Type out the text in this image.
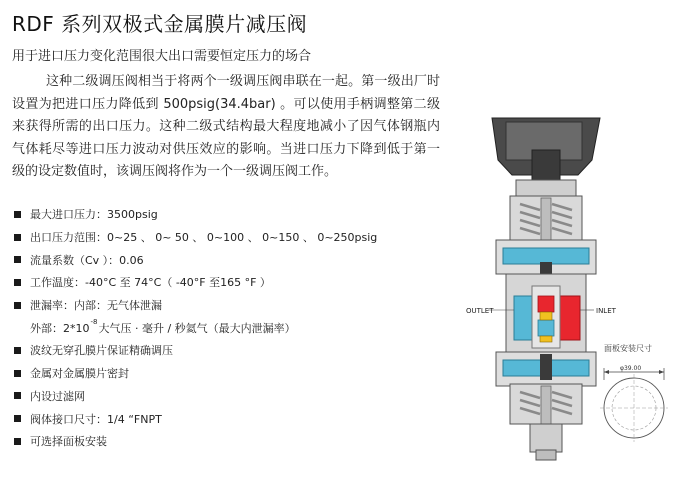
RDF 系列双极式金属膜片减压阀
用于进口压力变化范围很大出口需要恒定压力的场合
这种二级调压阀相当于将两个一级调压阀串联在一起。第一级出厂时设置为把进口压力降低到 500psig(34.4bar) 。可以使用手柄调整第二级来获得所需的出口压力。这种二级式结构最大程度地减小了因气体钢瓶内气体耗尽等进口压力波动对供压效应的影响。当进口压力下降到低于第一级的设定数值时，该调压阀将作为一个一级调压阀工作。
最大进口压力：3500psig
出口压力范围：0~25 、 0~ 50 、 0~100 、 0~150 、 0~250psig
流量系数（Cv ）：0.06
工作温度：-40°C 至 74°C（ -40°F 至165 °F ）
泄漏率：内部：无气体泄漏
外部：2*10 -8 大气压 · 毫升 / 秒氦气（最大内泄漏率）
波纹无穿孔膜片保证精确调压
金属对金属膜片密封
内设过滤网
阀体接口尺寸：1/4 “FNPT
可选择面板安装
OUTLET	INLET
面板安装尺寸
φ39.00
